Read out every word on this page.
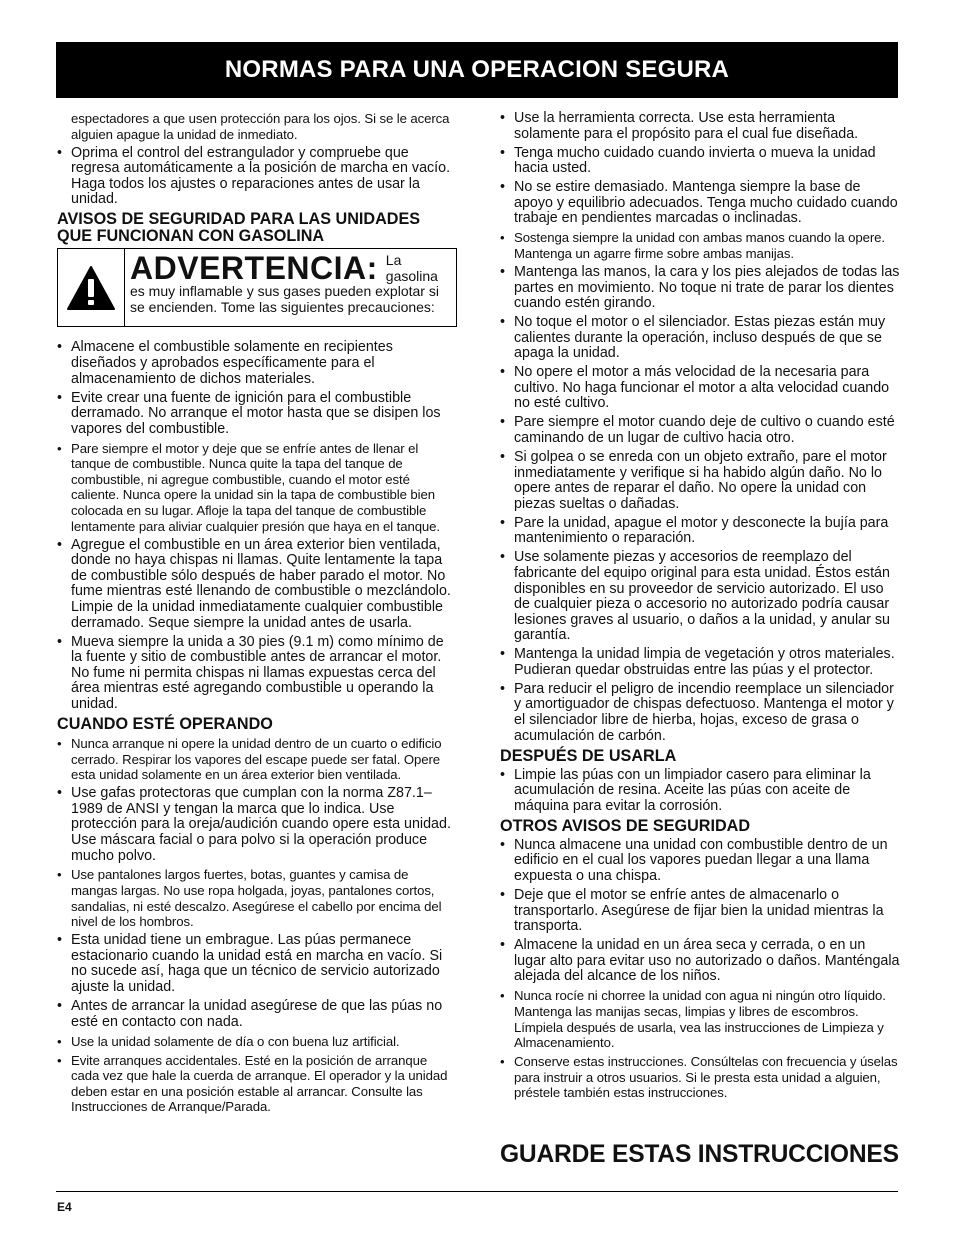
NORMAS PARA UNA OPERACION SEGURA
espectadores a que usen protección para los ojos. Si se le acerca alguien apague la unidad de inmediato.
• Oprima el control del estrangulador y compruebe que regresa automáticamente a la posición de marcha en vacío. Haga todos los ajustes o reparaciones antes de usar la unidad.
AVISOS DE SEGURIDAD PARA LAS UNIDADES QUE FUNCIONAN CON GASOLINA
ADVERTENCIA: La gasolina es muy inflamable y sus gases pueden explotar si se encienden. Tome las siguientes precauciones:
• Almacene el combustible solamente en recipientes diseñados y aprobados específicamente para el almacenamiento de dichos materiales.
• Evite crear una fuente de ignición para el combustible derramado. No arranque el motor hasta que se disipen los vapores del combustible.
• Pare siempre el motor y deje que se enfríe antes de llenar el tanque de combustible. Nunca quite la tapa del tanque de combustible, ni agregue combustible, cuando el motor esté caliente. Nunca opere la unidad sin la tapa de combustible bien colocada en su lugar. Afloje la tapa del tanque de combustible lentamente para aliviar cualquier presión que haya en el tanque.
• Agregue el combustible en un área exterior bien ventilada, donde no haya chispas ni llamas. Quite lentamente la tapa de combustible sólo después de haber parado el motor. No fume mientras esté llenando de combustible o mezclándolo. Limpie de la unidad inmediatamente cualquier combustible derramado. Seque siempre la unidad antes de usarla.
• Mueva siempre la unida a 30 pies (9.1 m) como mínimo de la fuente y sitio de combustible antes de arrancar el motor. No fume ni permita chispas ni llamas expuestas cerca del área mientras esté agregando combustible u operando la unidad.
CUANDO ESTÉ OPERANDO
• Nunca arranque ni opere la unidad dentro de un cuarto o edificio cerrado. Respirar los vapores del escape puede ser fatal. Opere esta unidad solamente en un área exterior bien ventilada.
• Use gafas protectoras que cumplan con la norma Z87.1–1989 de ANSI y tengan la marca que lo indica. Use protección para la oreja/audición cuando opere esta unidad. Use máscara facial o para polvo si la operación produce mucho polvo.
• Use pantalones largos fuertes, botas, guantes y camisa de mangas largas. No use ropa holgada, joyas, pantalones cortos, sandalias, ni esté descalzo. Asegúrese el cabello por encima del nivel de los hombros.
• Esta unidad tiene un embrague. Las púas permanece estacionario cuando la unidad está en marcha en vacío. Si no sucede así, haga que un técnico de servicio autorizado ajuste la unidad.
• Antes de arrancar la unidad asegúrese de que las púas no esté en contacto con nada.
• Use la unidad solamente de día o con buena luz artificial.
• Evite arranques accidentales. Esté en la posición de arranque cada vez que hale la cuerda de arranque. El operador y la unidad deben estar en una posición estable al arrancar. Consulte las Instrucciones de Arranque/Parada.
• Use la herramienta correcta. Use esta herramienta solamente para el propósito para el cual fue diseñada.
• Tenga mucho cuidado cuando invierta o mueva la unidad hacia usted.
• No se estire demasiado. Mantenga siempre la base de apoyo y equilibrio adecuados. Tenga mucho cuidado cuando trabaje en pendientes marcadas o inclinadas.
• Sostenga siempre la unidad con ambas manos cuando la opere. Mantenga un agarre firme sobre ambas manijas.
• Mantenga las manos, la cara y los pies alejados de todas las partes en movimiento. No toque ni trate de parar los dientes cuando estén girando.
• No toque el motor o el silenciador. Estas piezas están muy calientes durante la operación, incluso después de que se apaga la unidad.
• No opere el motor a más velocidad de la necesaria para cultivo. No haga funcionar el motor a alta velocidad cuando no esté cultivo.
• Pare siempre el motor cuando deje de cultivo o cuando esté caminando de un lugar de cultivo hacia otro.
• Si golpea o se enreda con un objeto extraño, pare el motor inmediatamente y verifique si ha habido algún daño. No lo opere antes de reparar el daño. No opere la unidad con piezas sueltas o dañadas.
• Pare la unidad, apague el motor y desconecte la bujía para mantenimiento o reparación.
• Use solamente piezas y accesorios de reemplazo del fabricante del equipo original para esta unidad. Éstos están disponibles en su proveedor de servicio autorizado. El uso de cualquier pieza o accesorio no autorizado podría causar lesiones graves al usuario, o daños a la unidad, y anular su garantía.
• Mantenga la unidad limpia de vegetación y otros materiales. Pudieran quedar obstruidas entre las púas y el protector.
• Para reducir el peligro de incendio reemplace un silenciador y amortiguador de chispas defectuoso. Mantenga el motor y el silenciador libre de hierba, hojas, exceso de grasa o acumulación de carbón.
DESPUÉS DE USARLA
• Limpie las púas con un limpiador casero para eliminar la acumulación de resina. Aceite las púas con aceite de máquina para evitar la corrosión.
OTROS AVISOS DE SEGURIDAD
• Nunca almacene una unidad con combustible dentro de un edificio en el cual los vapores puedan llegar a una llama expuesta o una chispa.
• Deje que el motor se enfríe antes de almacenarlo o transportarlo. Asegúrese de fijar bien la unidad mientras la transporta.
• Almacene la unidad en un área seca y cerrada, o en un lugar alto para evitar uso no autorizado o daños. Manténgala alejada del alcance de los niños.
• Nunca rocíe ni chorree la unidad con agua ni ningún otro líquido. Mantenga las manijas secas, limpias y libres de escombros. Límpiela después de usarla, vea las instrucciones de Limpieza y Almacenamiento.
• Conserve estas instrucciones. Consúltelas con frecuencia y úselas para instruir a otros usuarios. Si le presta esta unidad a alguien, préstele también estas instrucciones.
GUARDE ESTAS INSTRUCCIONES
E4
